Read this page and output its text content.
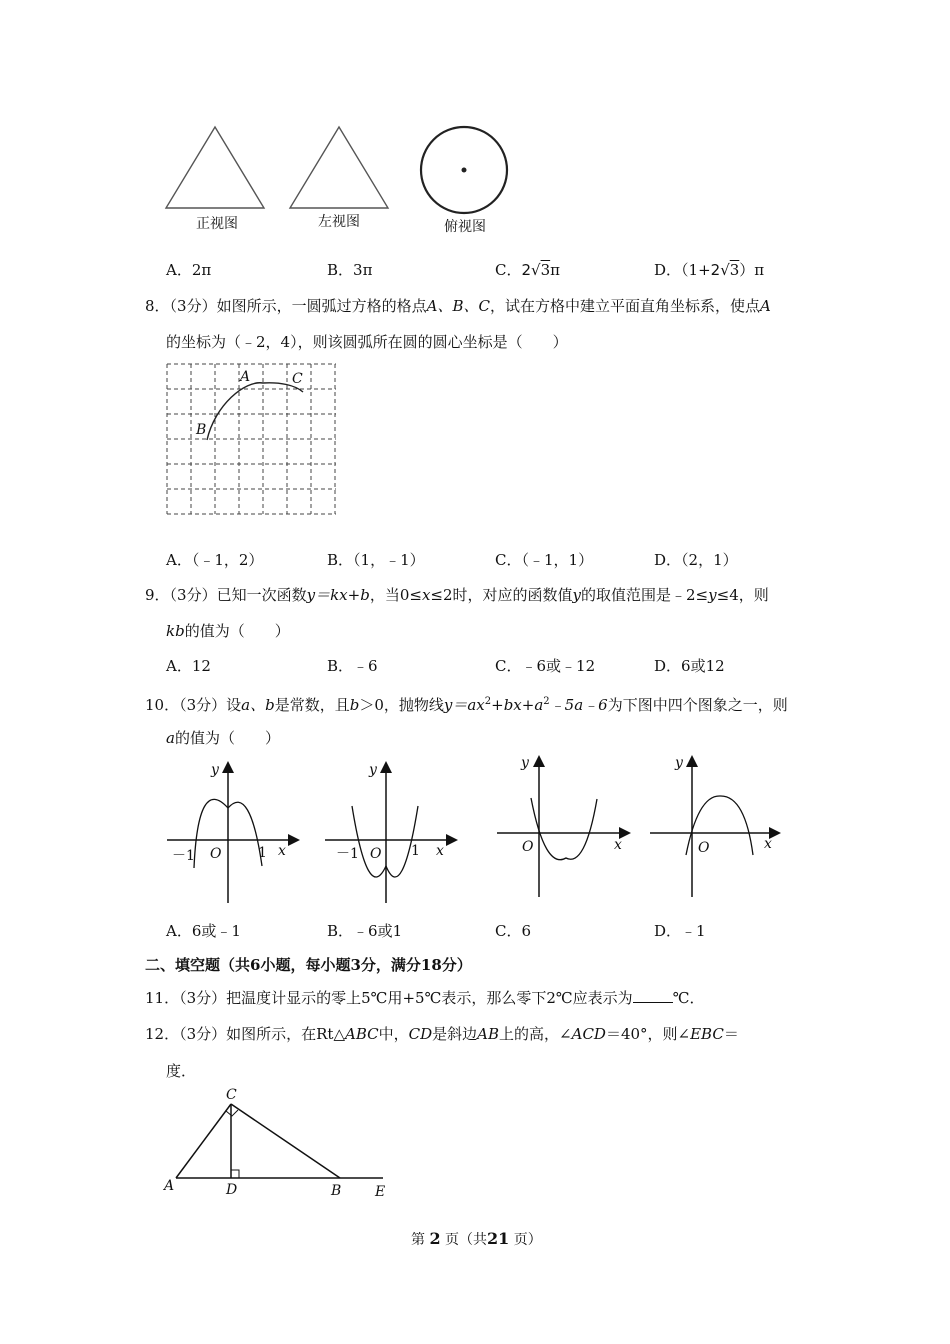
正视图	左视图	俯视图
A．2π	B．3π	C．2√3π	D．（1+2√3）π
8．（3分）如图所示，一圆弧过方格的格点A、B、C，试在方格中建立平面直角坐标系，使点A
的坐标为（﹣2，4），则该圆弧所在圆的圆心坐标是（　　）
A	C
B
A．（﹣1，2）	B．（1，﹣1）	C．（﹣1，1）	D．（2，1）
9．（3分）已知一次函数y＝kx+b，当0≤x≤2时，对应的函数值y的取值范围是﹣2≤y≤4，则
kb的值为（　　）
A．12	B．﹣6	C．﹣6或﹣12	D．6或12
10．（3分）设a、b是常数，且b＞0，抛物线$y=ax^2+bx+a^2﹣5a﹣6$为下图中四个图象之一，则
a的值为（　　）
y
x
O
－1	1
y
x
O
－1	1
y
x
O
y
x
O
A．6或﹣1	B．﹣6或1	C．6	D．﹣1
二、填空题（共6小题，每小题3分，满分18分）
11．（3分）把温度计显示的零上5℃用+5℃表示，那么零下2℃应表示为	℃．
12．（3分）如图所示，在Rt△ABC中，CD是斜边AB上的高，∠ACD＝40°，则∠EBC＝
度．
C
A	D	B E
第 2 页（共21 页）
